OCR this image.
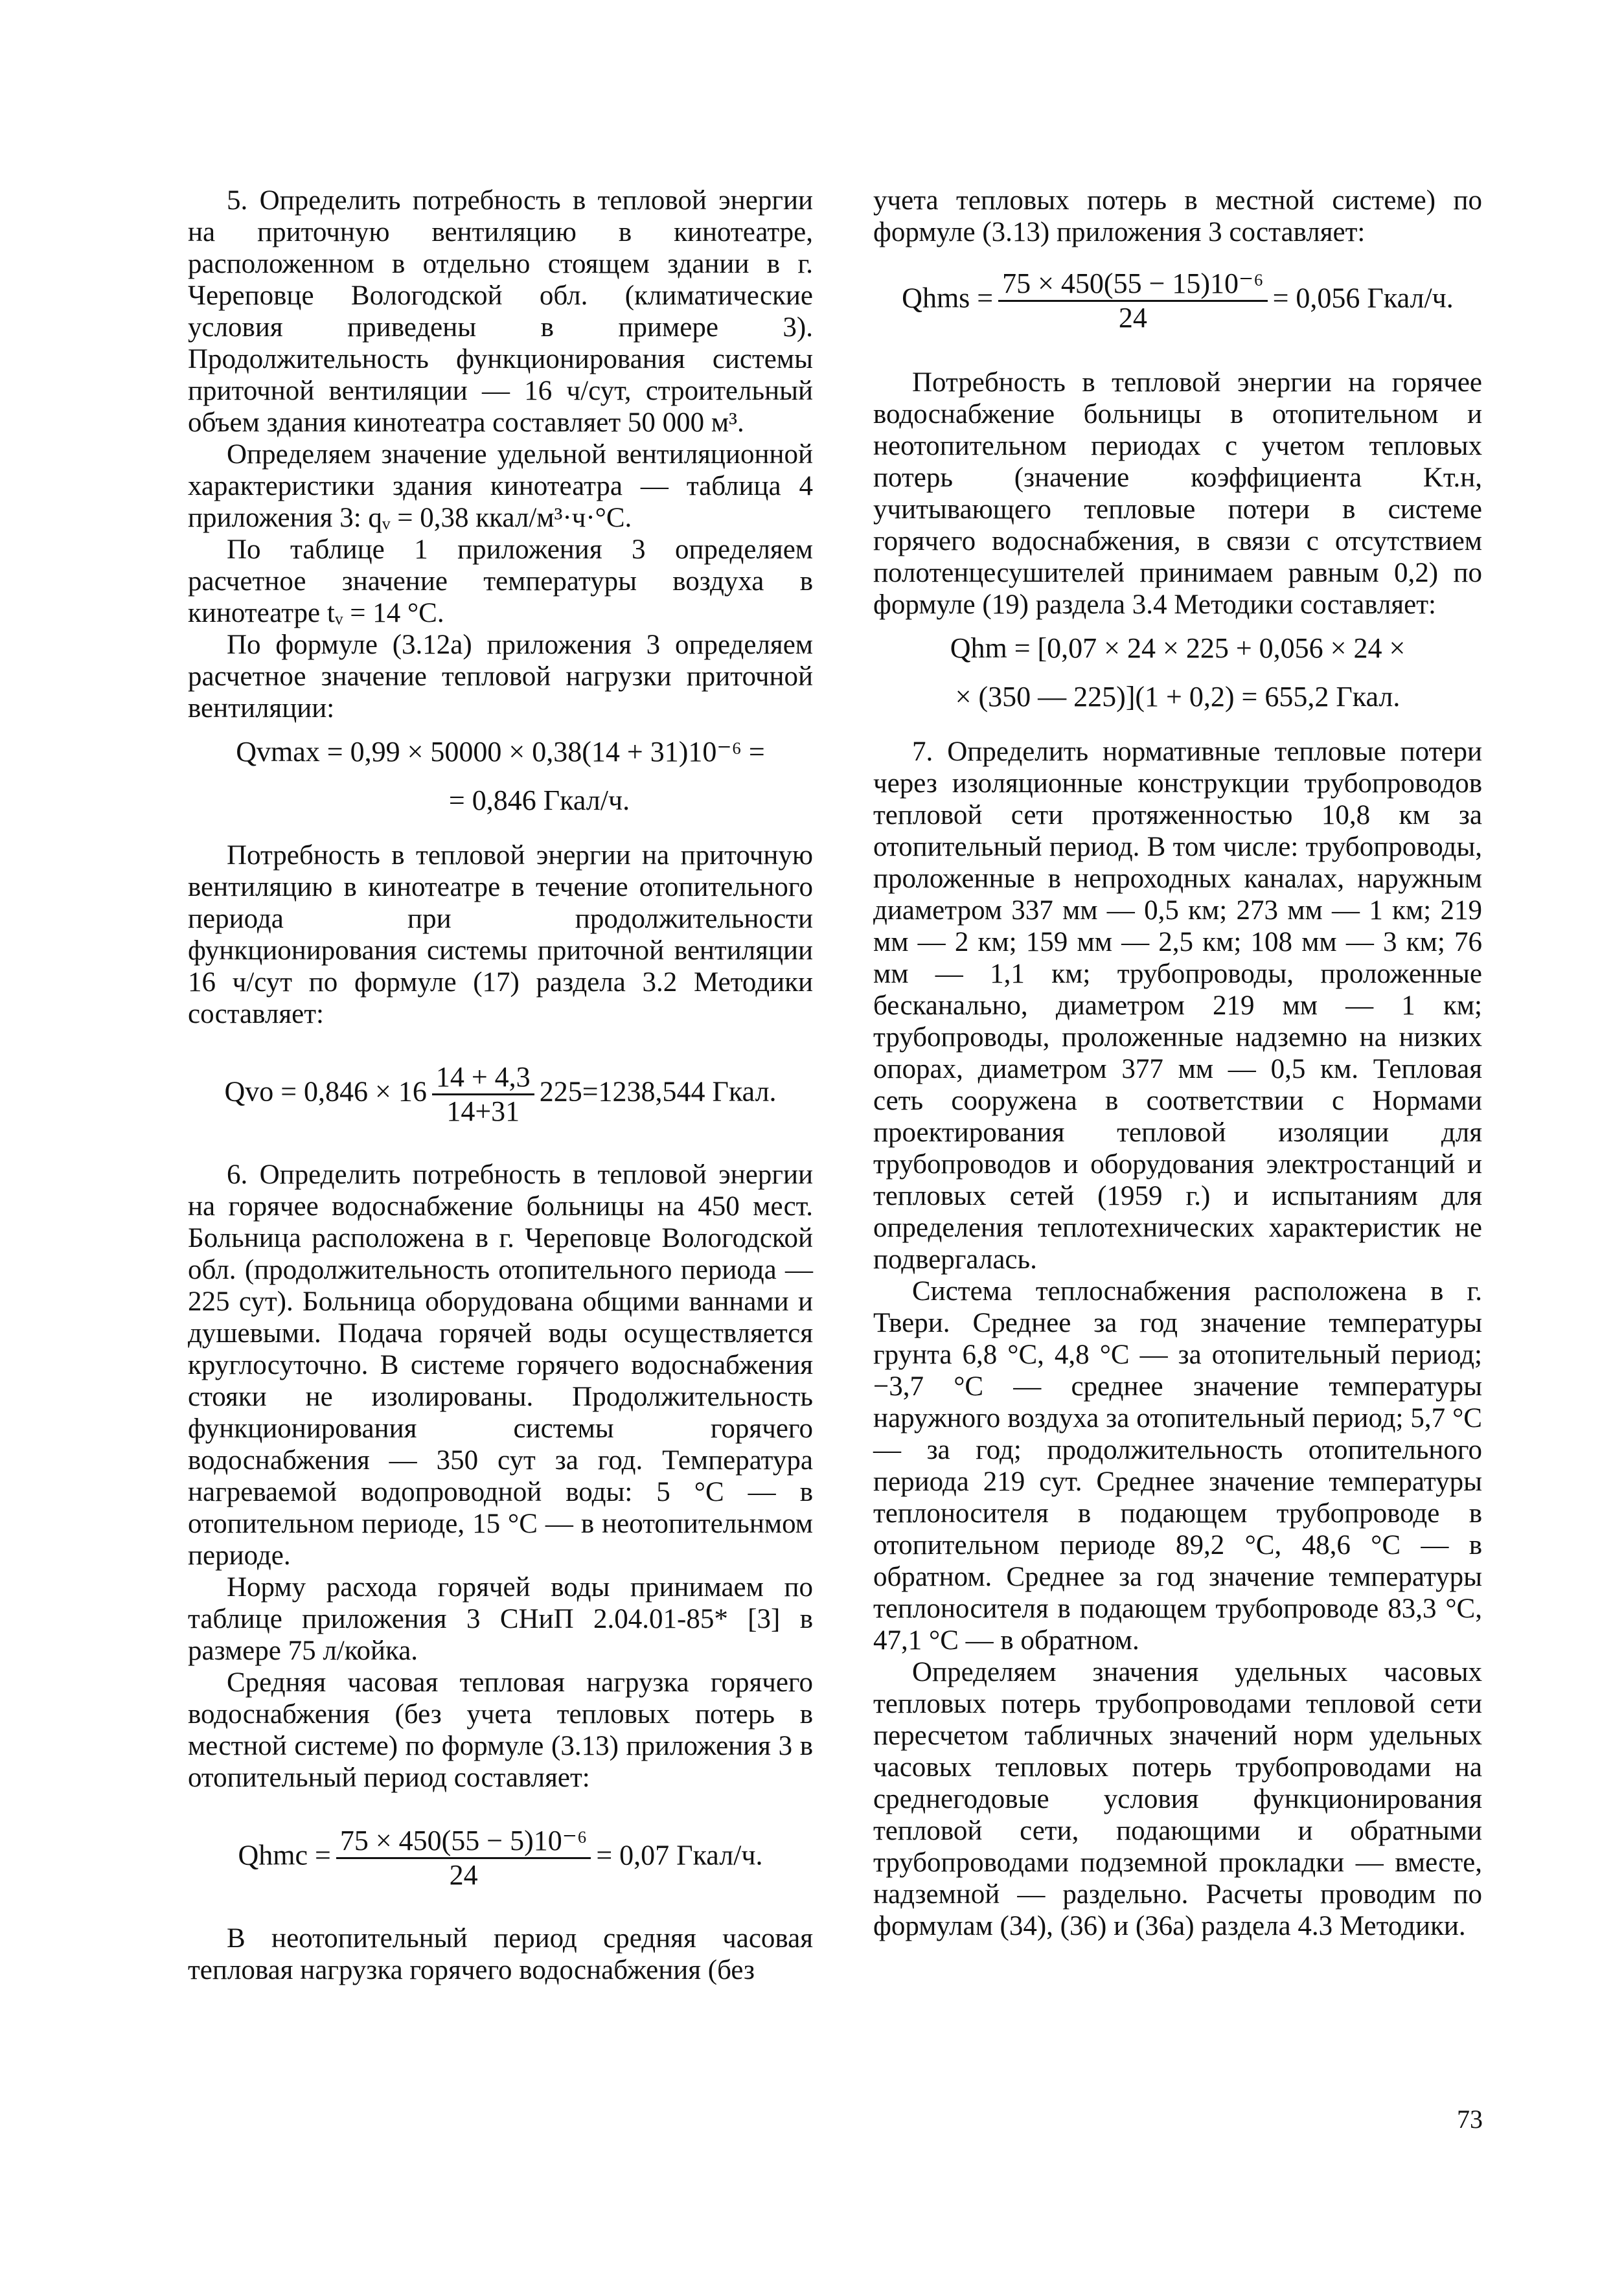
5. Определить потребность в тепловой энергии на приточную вентиляцию в кинотеатре, расположенном в отдельно стоящем здании в г. Череповце Вологодской обл. (климатические условия приведены в примере 3). Продолжительность функционирования системы приточной вентиляции — 16 ч/сут, строительный объем здания кинотеатра составляет 50 000 м³.

Определяем значение удельной вентиляционной характеристики здания кинотеатра — таблица 4 приложения 3: qᵥ = 0,38 ккал/м³·ч·°С.

По таблице 1 приложения 3 определяем расчетное значение температуры воздуха в кинотеатре tᵥ = 14 °С.

По формуле (3.12а) приложения 3 определяем расчетное значение тепловой нагрузки приточной вентиляции:

Qvmax = 0,99 × 50000 × 0,38(14 + 31)10⁻⁶ =
= 0,846 Гкал/ч.

Потребность в тепловой энергии на приточную вентиляцию в кинотеатре в течение отопительного периода при продолжительности функционирования системы приточной вентиляции 16 ч/сут по формуле (17) раздела 3.2 Методики составляет:

Qvo = $0,846 \times 16 \frac{14 + 4,3}{14+31} 225=1238,544$ Гкал.

6. Определить потребность в тепловой энергии на горячее водоснабжение больницы на 450 мест. Больница расположена в г. Череповце Вологодской обл. (продолжительность отопительного периода — 225 сут). Больница оборудована общими ваннами и душевыми. Подача горячей воды осуществляется круглосуточно. В системе горячего водоснабжения стояки не изолированы. Продолжительность функционирования системы горячего водоснабжения — 350 сут за год. Температура нагреваемой водопроводной воды: 5 °С — в отопительном периоде, 15 °С — в неотопительнмом периоде.

Норму расхода горячей воды принимаем по таблице приложения 3 СНиП 2.04.01-85* [3] в размере 75 л/койка.

Средняя часовая тепловая нагрузка горячего водоснабжения (без учета тепловых потерь в местной системе) по формуле (3.13) приложения 3 в отопительный период составляет:

Qhmc = $\frac{\text{75 × 450(55 − 5)10⁻⁶}}{24} = 0,07$ Гкал/ч.

В неотопительный период средняя часовая тепловая нагрузка горячего водоснабжения (без

учета тепловых потерь в местной системе) по формуле (3.13) приложения 3 составляет:

Qhms = $\frac{\text{75 × 450(55 − 15)10⁻⁶}}{24} = 0,056$ Гкал/ч.

Потребность в тепловой энергии на горячее водоснабжение больницы в отопительном и неотопительном периодах с учетом тепловых потерь (значение коэффициента Kт.н, учитывающего тепловые потери в системе горячего водоснабжения, в связи с отсутствием полотенцесушителей принимаем равным 0,2) по формуле (19) раздела 3.4 Методики составляет:

Qhm = [0,07 × 24 × 225 + 0,056 × 24 ×
× (350 — 225)](1 + 0,2) = 655,2 Гкал.

7. Определить нормативные тепловые потери через изоляционные конструкции трубопроводов тепловой сети протяженностью 10,8 км за отопительный период. В том числе: трубопроводы, проложенные в непроходных каналах, наружным диаметром 337 мм — 0,5 км; 273 мм — 1 км; 219 мм — 2 км; 159 мм — 2,5 км; 108 мм — 3 км; 76 мм — 1,1 км; трубопроводы, проложенные бесканально, диаметром 219 мм — 1 км; трубопроводы, проложенные надземно на низких опорах, диаметром 377 мм — 0,5 км. Тепловая сеть сооружена в соответствии с Нормами проектирования тепловой изоляции для трубопроводов и оборудования электростанций и тепловых сетей (1959 г.) и испытаниям для определения теплотехнических характеристик не подвергалась.

Система теплоснабжения расположена в г. Твери. Среднее за год значение температуры грунта 6,8 °С, 4,8 °С — за отопительный период; −3,7 °С — среднее значение температуры наружного воздуха за отопительный период; 5,7 °С — за год; продолжительность отопительного периода 219 сут. Среднее значение температуры теплоносителя в подающем трубопроводе в отопительном периоде 89,2 °С, 48,6 °С — в обратном. Среднее за год значение температуры теплоносителя в подающем трубопроводе 83,3 °С, 47,1 °С — в обратном.

Определяем значения удельных часовых тепловых потерь трубопроводами тепловой сети пересчетом табличных значений норм удельных часовых тепловых потерь трубопроводами на среднегодовые условия функционирования тепловой сети, подающими и обратными трубопроводами подземной прокладки — вместе, надземной — раздельно. Расчеты проводим по формулам (34), (36) и (36а) раздела 4.3 Методики.

73
